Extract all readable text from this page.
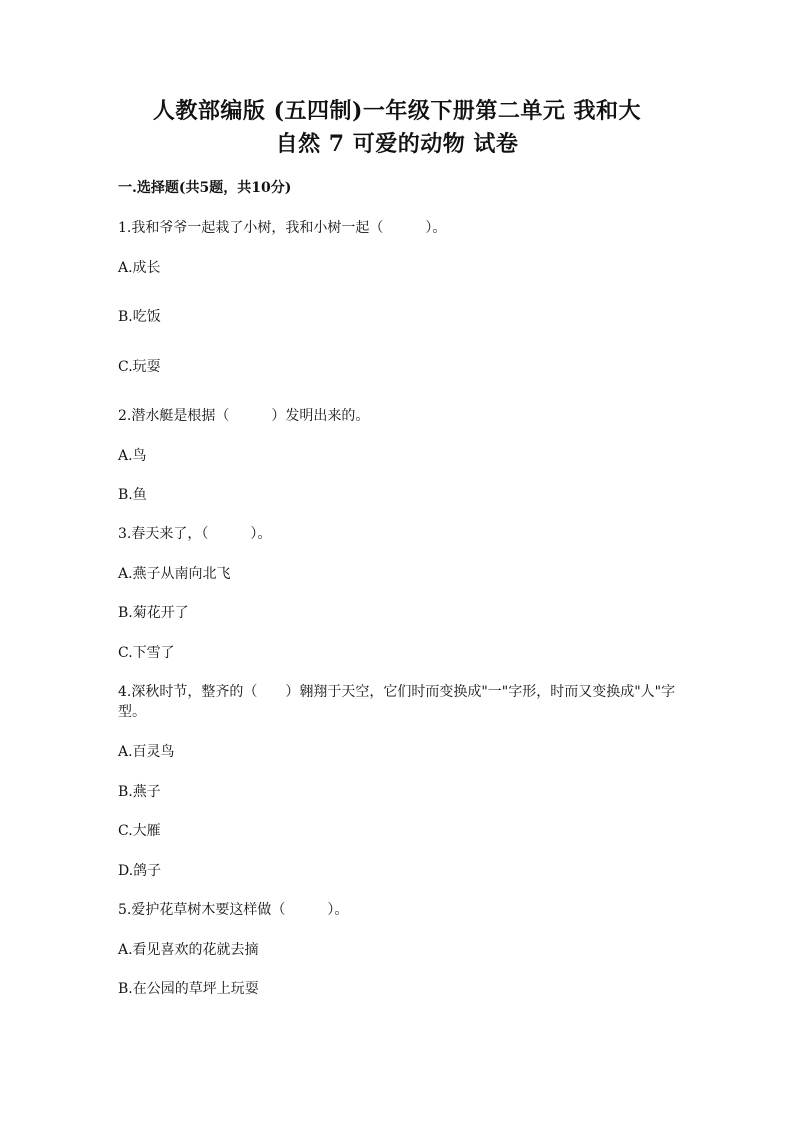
人教部编版 (五四制)一年级下册第二单元 我和大
自然 7 可爱的动物 试卷
一.选择题(共5题，共10分)
1.我和爷爷一起栽了小树，我和小树一起（　　　）。
A.成长
B.吃饭
C.玩耍
2.潜水艇是根据（　　　）发明出来的。
A.鸟
B.鱼
3.春天来了，（　　　）。
A.燕子从南向北飞
B.菊花开了
C.下雪了
4.深秋时节，整齐的（　　）翱翔于天空，它们时而变换成"一"字形，时而又变换成"人"字型。
A.百灵鸟
B.燕子
C.大雁
D.鸽子
5.爱护花草树木要这样做（　　　）。
A.看见喜欢的花就去摘
B.在公园的草坪上玩耍
